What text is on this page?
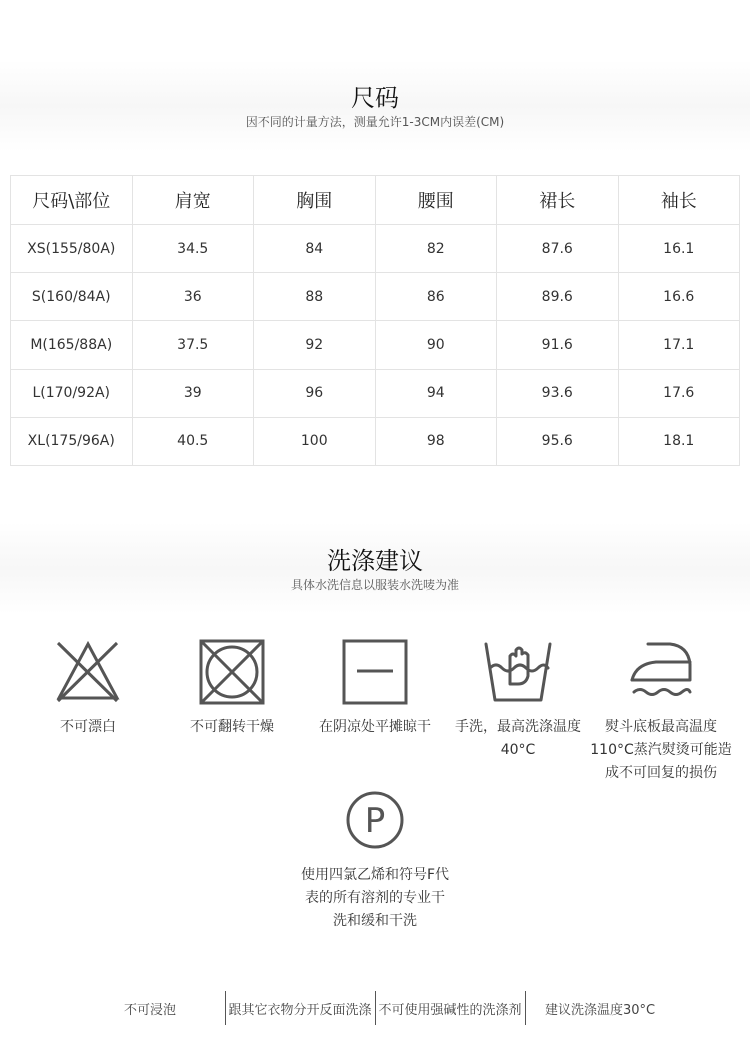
尺码
因不同的计量方法，测量允许1-3CM内误差(CM)
尺码\部位	肩宽	胸围	腰围	裙长	袖长
XS(155/80A)	34.5	84	82	87.6	16.1
S(160/84A)	36	88	86	89.6	16.6
M(165/88A)	37.5	92	90	91.6	17.1
L(170/92A)	39	96	94	93.6	17.6
XL(175/96A)	40.5	100	98	95.6	18.1
洗涤建议
具体水洗信息以服装水洗唛为准
不可漂白	不可翻转干燥	在阴凉处平摊晾干	手洗，最高洗涤温度40°C
熨斗底板最高温度110°C蒸汽熨烫可能造成不可回复的损伤
P
使用四氯乙烯和符号F代表的所有溶剂的专业干 洗和缓和干洗
不可浸泡	跟其它衣物分开反面洗涤 不可使用强碱性的洗涤剂	建议洗涤温度30°C
